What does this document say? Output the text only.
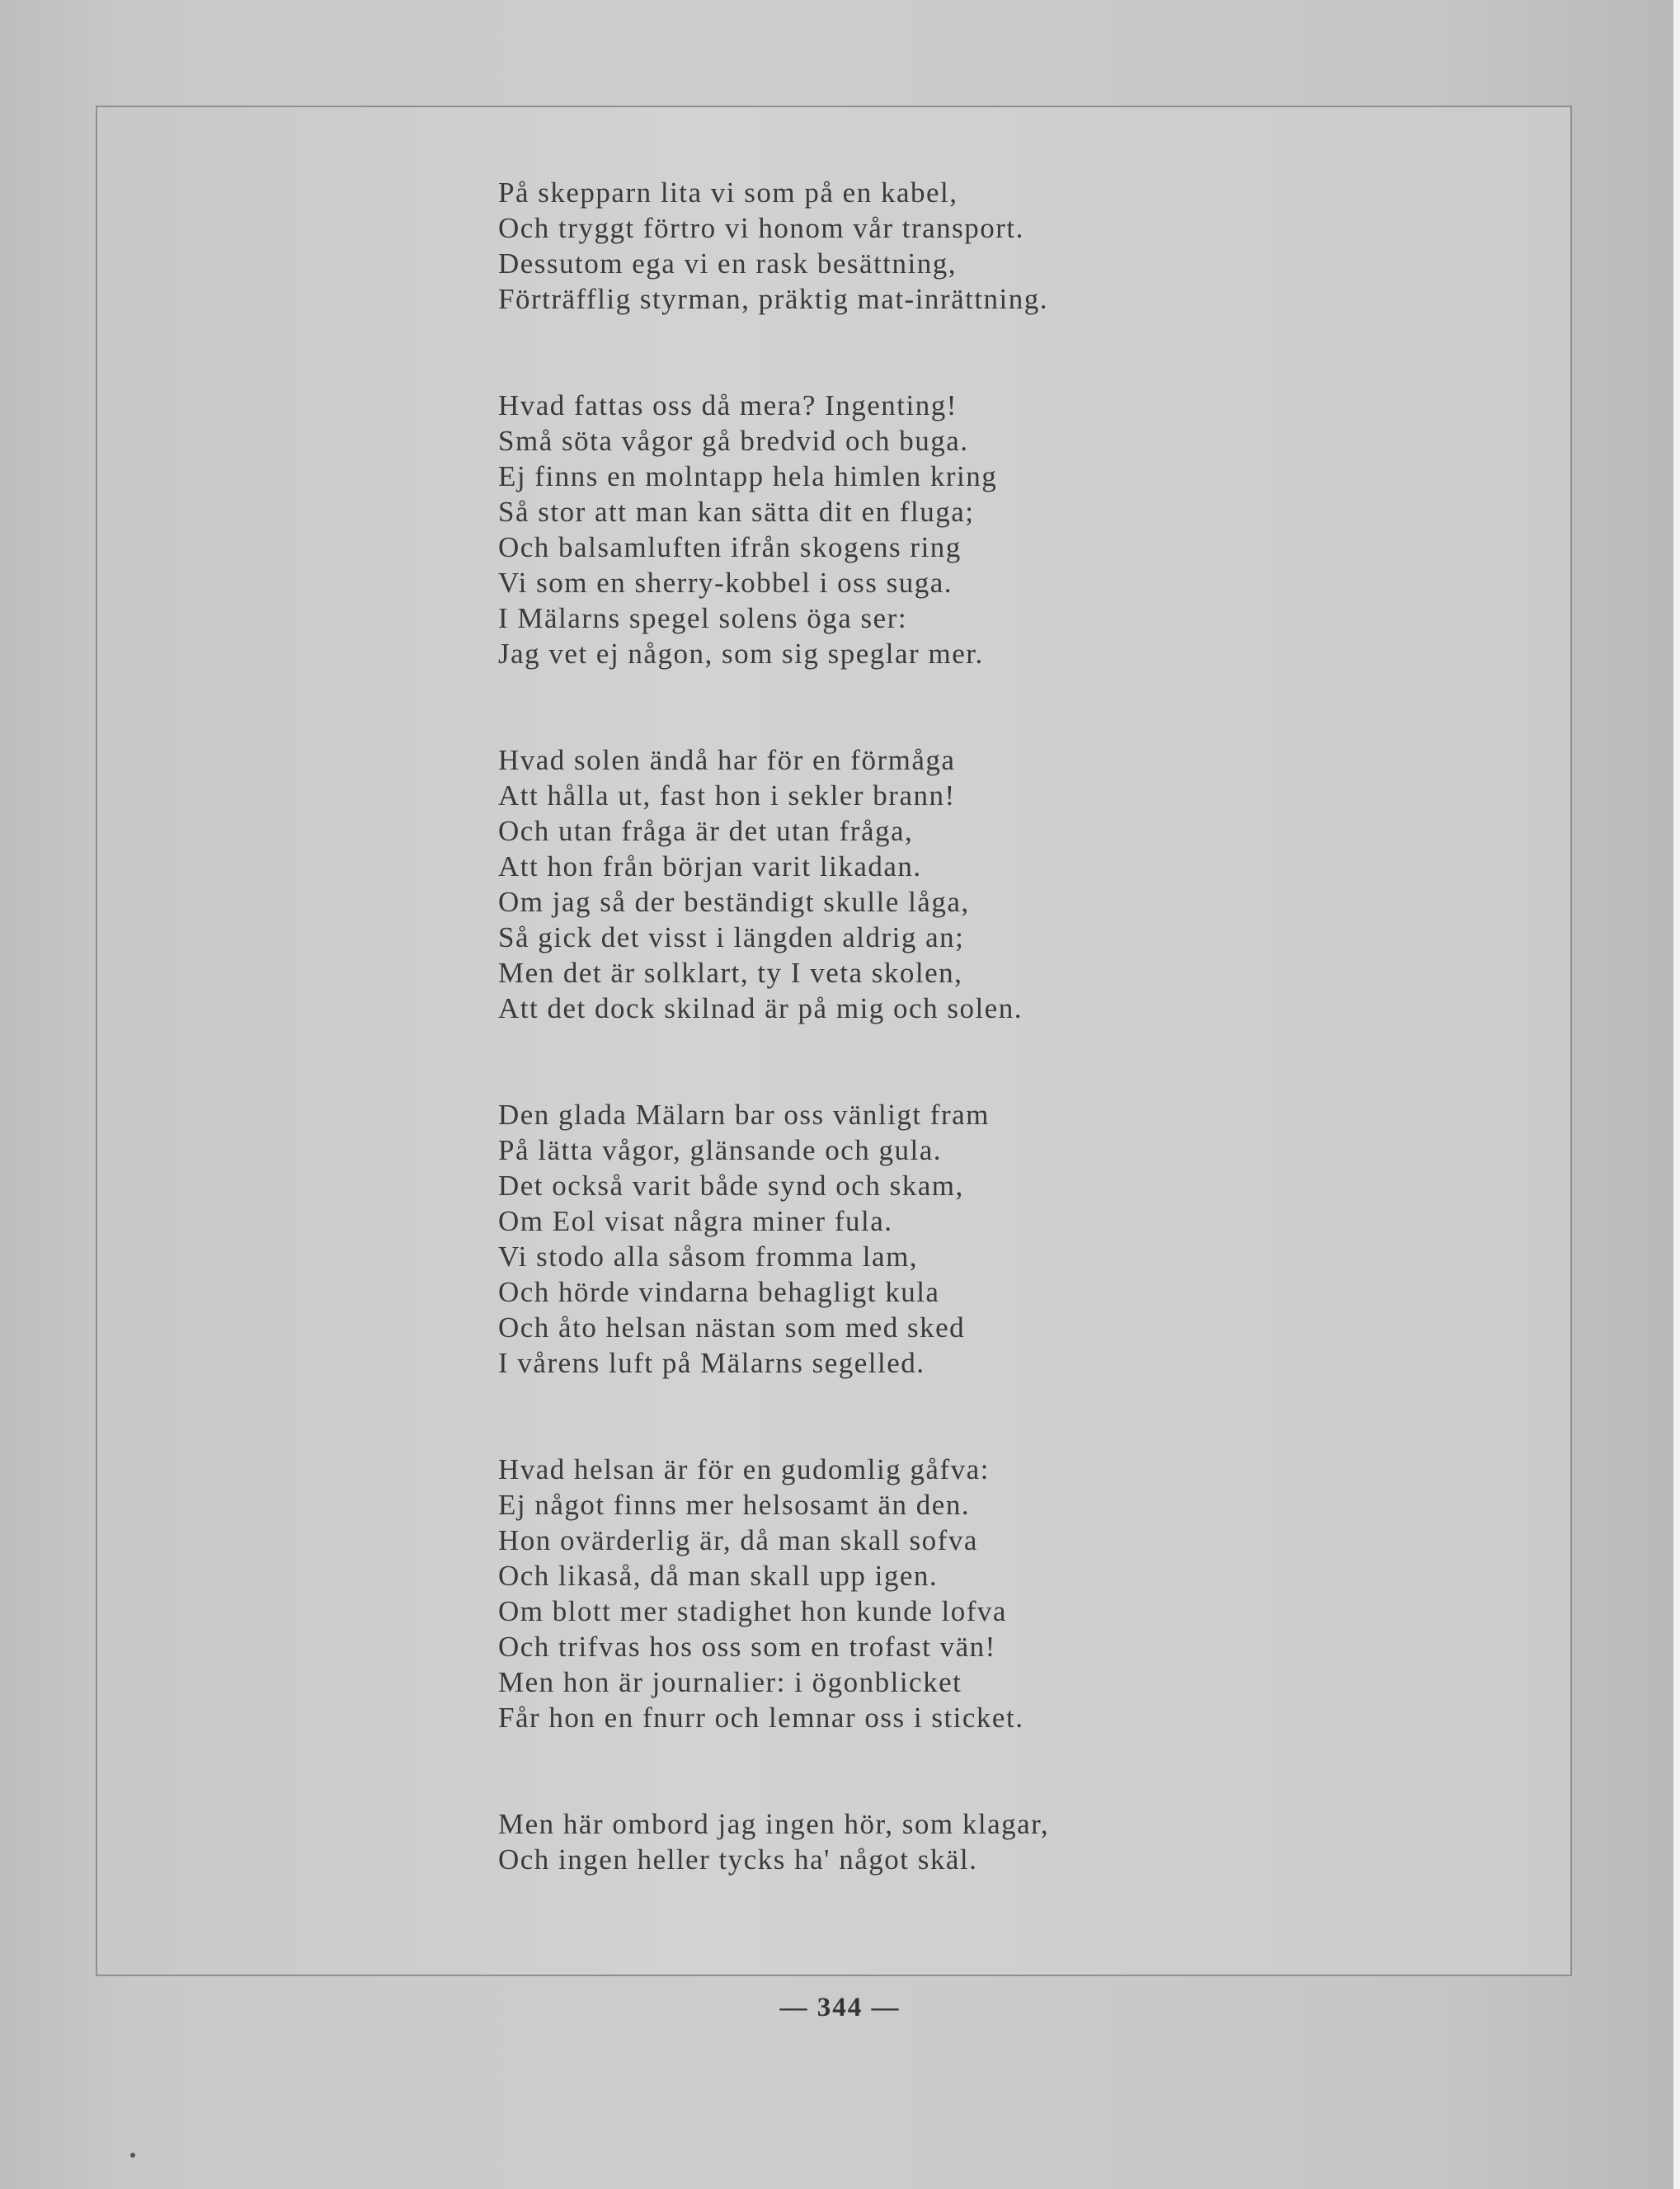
På skepparn lita vi som på en kabel,
Och tryggt förtro vi honom vår transport.
Dessutom ega vi en rask besättning,
Förträfflig styrman, präktig mat-inrättning.
Hvad fattas oss då mera? Ingenting!
Små söta vågor gå bredvid och buga.
Ej finns en molntapp hela himlen kring
Så stor att man kan sätta dit en fluga;
Och balsamluften ifrån skogens ring
Vi som en sherry-kobbel i oss suga.
I Mälarns spegel solens öga ser:
Jag vet ej någon, som sig speglar mer.
Hvad solen ändå har för en förmåga
Att hålla ut, fast hon i sekler brann!
Och utan fråga är det utan fråga,
Att hon från början varit likadan.
Om jag så der beständigt skulle låga,
Så gick det visst i längden aldrig an;
Men det är solklart, ty I veta skolen,
Att det dock skilnad är på mig och solen.
Den glada Mälarn bar oss vänligt fram
På lätta vågor, glänsande och gula.
Det också varit både synd och skam,
Om Eol visat några miner fula.
Vi stodo alla såsom fromma lam,
Och hörde vindarna behagligt kula
Och åto helsan nästan som med sked
I vårens luft på Mälarns segelled.
Hvad helsan är för en gudomlig gåfva:
Ej något finns mer helsosamt än den.
Hon ovärderlig är, då man skall sofva
Och likaså, då man skall upp igen.
Om blott mer stadighet hon kunde lofva
Och trifvas hos oss som en trofast vän!
Men hon är journalier: i ögonblicket
Får hon en fnurr och lemnar oss i sticket.
Men här ombord jag ingen hör, som klagar,
Och ingen heller tycks ha' något skäl.
— 344 —
